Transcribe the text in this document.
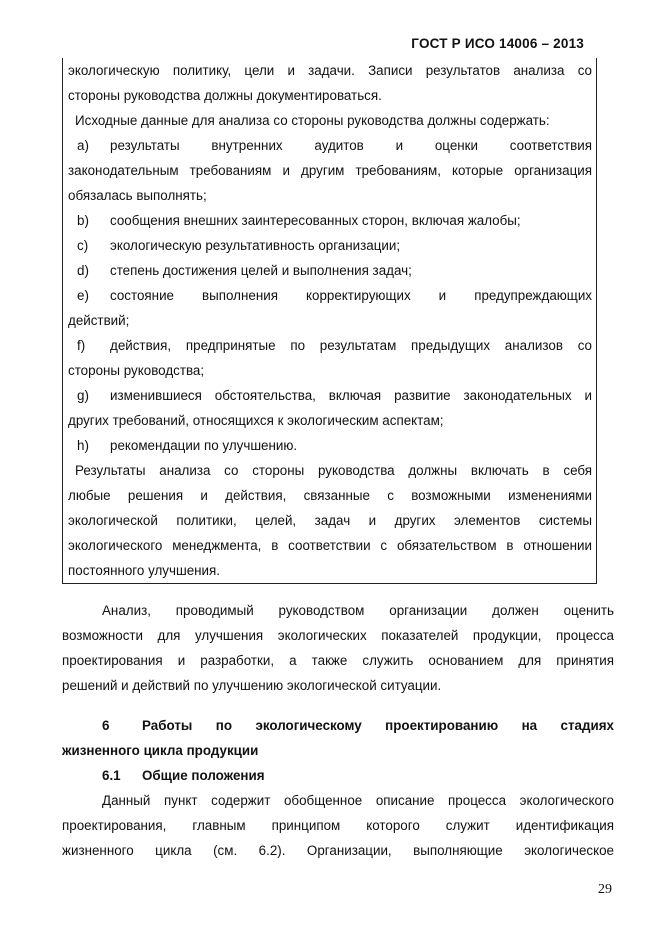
ГОСТ Р ИСО 14006 – 2013
экологическую политику, цели и задачи. Записи результатов анализа со
стороны руководства должны документироваться.
Исходные данные для анализа со стороны руководства должны содержать:
a) результаты внутренних аудитов и оценки соответствия
законодательным требованиям и другим требованиям, которые организация
обязалась выполнять;
b) сообщения внешних заинтересованных сторон, включая жалобы;
c) экологическую результативность организации;
d) степень достижения целей и выполнения задач;
e) состояние выполнения корректирующих и предупреждающих
действий;
f) действия, предпринятые по результатам предыдущих анализов со
стороны руководства;
g) изменившиеся обстоятельства, включая развитие законодательных и
других требований, относящихся к экологическим аспектам;
h) рекомендации по улучшению.
Результаты анализа со стороны руководства должны включать в себя
любые решения и действия, связанные с возможными изменениями
экологической политики, целей, задач и других элементов системы
экологического менеджмента, в соответствии с обязательством в отношении
постоянного улучшения.
Анализ, проводимый руководством организации должен оценить
возможности для улучшения экологических показателей продукции, процесса
проектирования и разработки, а также служить основанием для принятия
решений и действий по улучшению экологической ситуации.
6 Работы по экологическому проектированию на стадиях
жизненного цикла продукции
6.1 Общие положения
Данный пункт содержит обобщенное описание процесса экологического
проектирования, главным принципом которого служит идентификация
жизненного цикла (см. 6.2). Организации, выполняющие экологическое
29
